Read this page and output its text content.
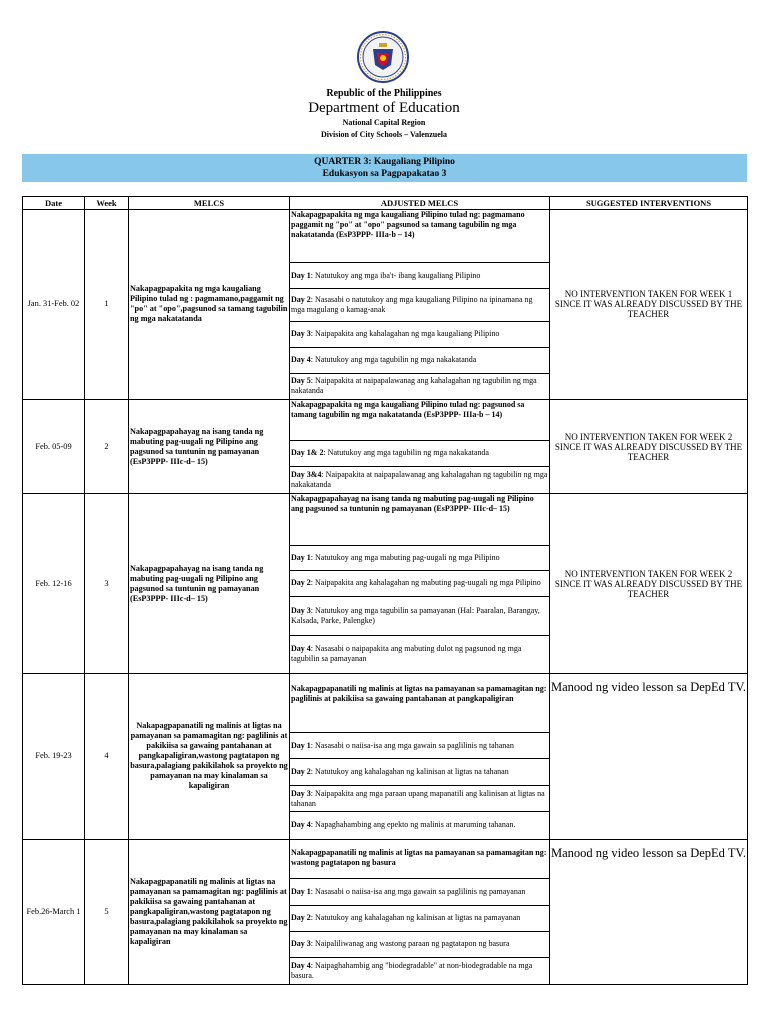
Republic of the Philippines
Department of Education
National Capital Region
Division of City Schools – Valenzuela
QUARTER 3: Kaugaliang Pilipino
Edukasyon sa Pagpapakatao 3
Date	Week	MELCS	ADJUSTED MELCS	SUGGESTED INTERVENTIONS
Jan. 31-Feb. 02	1	Nakapagpapakita ng mga kaugaliang Pilipino tulad ng : pagmamano,paggamit ng "po" at "opo",pagsunod sa tamang tagubilin ng mga nakatatanda	Nakapagpapakita ng mga kaugaliang Pilipino tulad ng: pagmamano paggamit ng "po" at "opo" pagsunod sa tamang tagubilin ng mga nakatatanda (EsP3PPP- IIIa-b – 14)	NO INTERVENTION TAKEN FOR WEEK 1 SINCE IT WAS ALREADY DISCUSSED BY THE TEACHER
			Day 1: Natutukoy ang mga iba't- ibang kaugaliang Pilipino	
			Day 2: Nasasabi o natutukoy ang mga kaugaliang Pilipino na ipinamana ng mga magulang o kamag-anak	
			Day 3: Naipapakita ang kahalagahan ng mga kaugaliang Pilipino	
			Day 4: Natutukoy ang mga tagubilin ng mga nakakatanda	
			Day 5: Naipapakita at naipapalawanag ang kahalagahan ng tagubilin ng mga nakatanda	
Feb. 05-09	2	Nakapagpapahayag na isang tanda ng mabuting pag-uugali ng Pilipino ang pagsunod sa tuntunin ng pamayanan (EsP3PPP- IIIc-d– 15)	Nakapagpapakita ng mga kaugaliang Pilipino tulad ng: pagsunod sa tamang tagubilin ng mga nakatatanda (EsP3PPP- IIIa-b – 14)	NO INTERVENTION TAKEN FOR WEEK 2 SINCE IT WAS ALREADY DISCUSSED BY THE TEACHER
			Day 1& 2: Natutukoy ang mga tagubilin ng mga nakakatanda	
			Day 3&4: Naipapakita at naipapalawanag ang kahalagahan ng tagubilin ng mga nakakatanda	
Feb. 12-16	3	Nakapagpapahayag na isang tanda ng mabuting pag-uugali ng Pilipino ang pagsunod sa tuntunin ng pamayanan (EsP3PPP- IIIc-d– 15)	Nakapagpapahayag na isang tanda ng mabuting pag-uugali ng Pilipino ang pagsunod sa tuntunin ng pamayanan (EsP3PPP- IIIc-d– 15)	NO INTERVENTION TAKEN FOR WEEK 2 SINCE IT WAS ALREADY DISCUSSED BY THE TEACHER
			Day 1: Natutukoy ang mga mabuting pag-uugali ng mga Pilipino	
			Day 2: Naipapakita ang kahalagahan ng mabuting pag-uugali ng mga Pilipino	
			Day 3: Natutukoy ang mga tagubilin sa pamayanan (Hal: Paaralan, Barangay, Kalsada, Parke, Palengke)	
			Day 4: Nasasabi o naipapakita ang mabuting dulot ng pagsunod ng mga tagubilin sa pamayanan	
Feb. 19-23	4	Nakapagpapanatili ng malinis at ligtas na pamayanan sa pamamagitan ng: paglilinis at pakikiisa sa gawaing pantahanan at pangkapaligiran,wastong pagtatapon ng basura,palagiang pakikilahok sa proyekto ng pamayanan na may kinalaman sa kapaligiran	Nakapagpapanatili ng malinis at ligtas na pamayanan sa pamamagitan ng: paglilinis at pakikiisa sa gawaing pantahanan at pangkapaligiran	Manood ng video lesson sa DepEd TV.
			Day 1: Nasasabi o naiisa-isa ang mga gawain sa paglilinis ng tahanan	
			Day 2: Natutukoy ang kahalagahan ng kalinisan at ligtas na tahanan	
			Day 3: Naipapakita ang mga paraan upang mapanatili ang kalinisan at ligtas na tahanan	
			Day 4: Napaghahambing ang epekto ng malinis at maruming tahanan.	
Feb.26-March 1	5	Nakapagpapanatili ng malinis at ligtas na pamayanan sa pamamagitan ng: paglilinis at pakikiisa sa gawaing pantahanan at pangkapaligiran,wastong pagtatapon ng basura,palagiang pakikilahok sa proyekto ng pamayanan na may kinalaman sa kapaligiran	Nakapagpapanatili ng malinis at ligtas na pamayanan sa pamamagitan ng: wastong pagtatapon ng basura	Manood ng video lesson sa DepEd TV.
			Day 1: Nasasabi o naiisa-isa ang mga gawain sa paglilinis ng pamayanan	
			Day 2: Natutukoy ang kahalagahan ng kalinisan at ligtas na pamayanan	
			Day 3: Naipaliliwanag ang wastong paraan ng pagtatapon ng basura	
			Day 4: Naipaghahambig ang "biodegradable" at non-biodegradable na mga basura.	
